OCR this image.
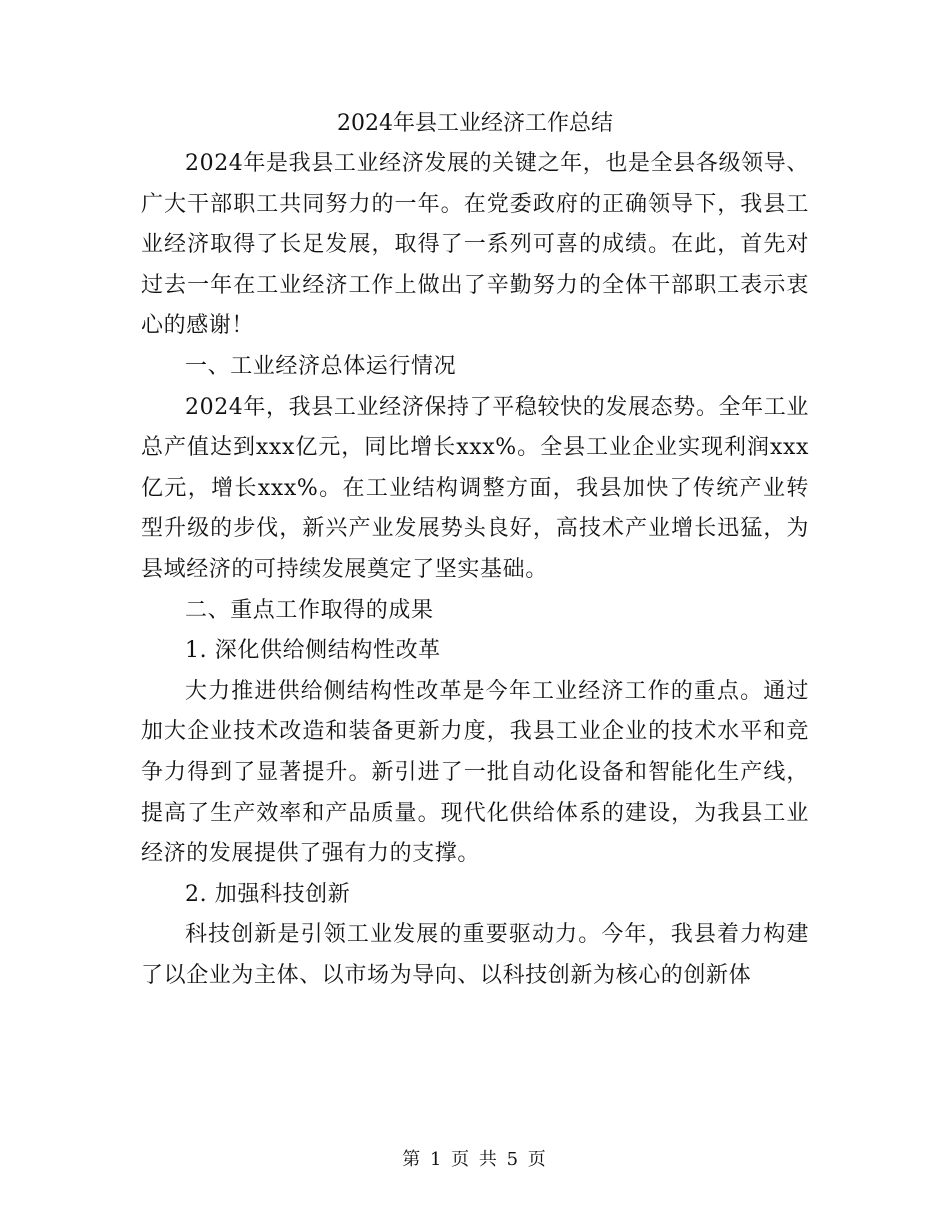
2024年县工业经济工作总结

2024年是我县工业经济发展的关键之年，也是全县各级领导、广大干部职工共同努力的一年。在党委政府的正确领导下，我县工业经济取得了长足发展，取得了一系列可喜的成绩。在此，首先对过去一年在工业经济工作上做出了辛勤努力的全体干部职工表示衷心的感谢！

一、工业经济总体运行情况

2024年，我县工业经济保持了平稳较快的发展态势。全年工业总产值达到xxx亿元，同比增长xxx%。全县工业企业实现利润xxx亿元，增长xxx%。在工业结构调整方面，我县加快了传统产业转型升级的步伐，新兴产业发展势头良好，高技术产业增长迅猛，为县域经济的可持续发展奠定了坚实基础。

二、重点工作取得的成果

1. 深化供给侧结构性改革

大力推进供给侧结构性改革是今年工业经济工作的重点。通过加大企业技术改造和装备更新力度，我县工业企业的技术水平和竞争力得到了显著提升。新引进了一批自动化设备和智能化生产线，提高了生产效率和产品质量。现代化供给体系的建设，为我县工业经济的发展提供了强有力的支撑。

2. 加强科技创新

科技创新是引领工业发展的重要驱动力。今年，我县着力构建了以企业为主体、以市场为导向、以科技创新为核心的创新体

第 1 页 共 5 页
